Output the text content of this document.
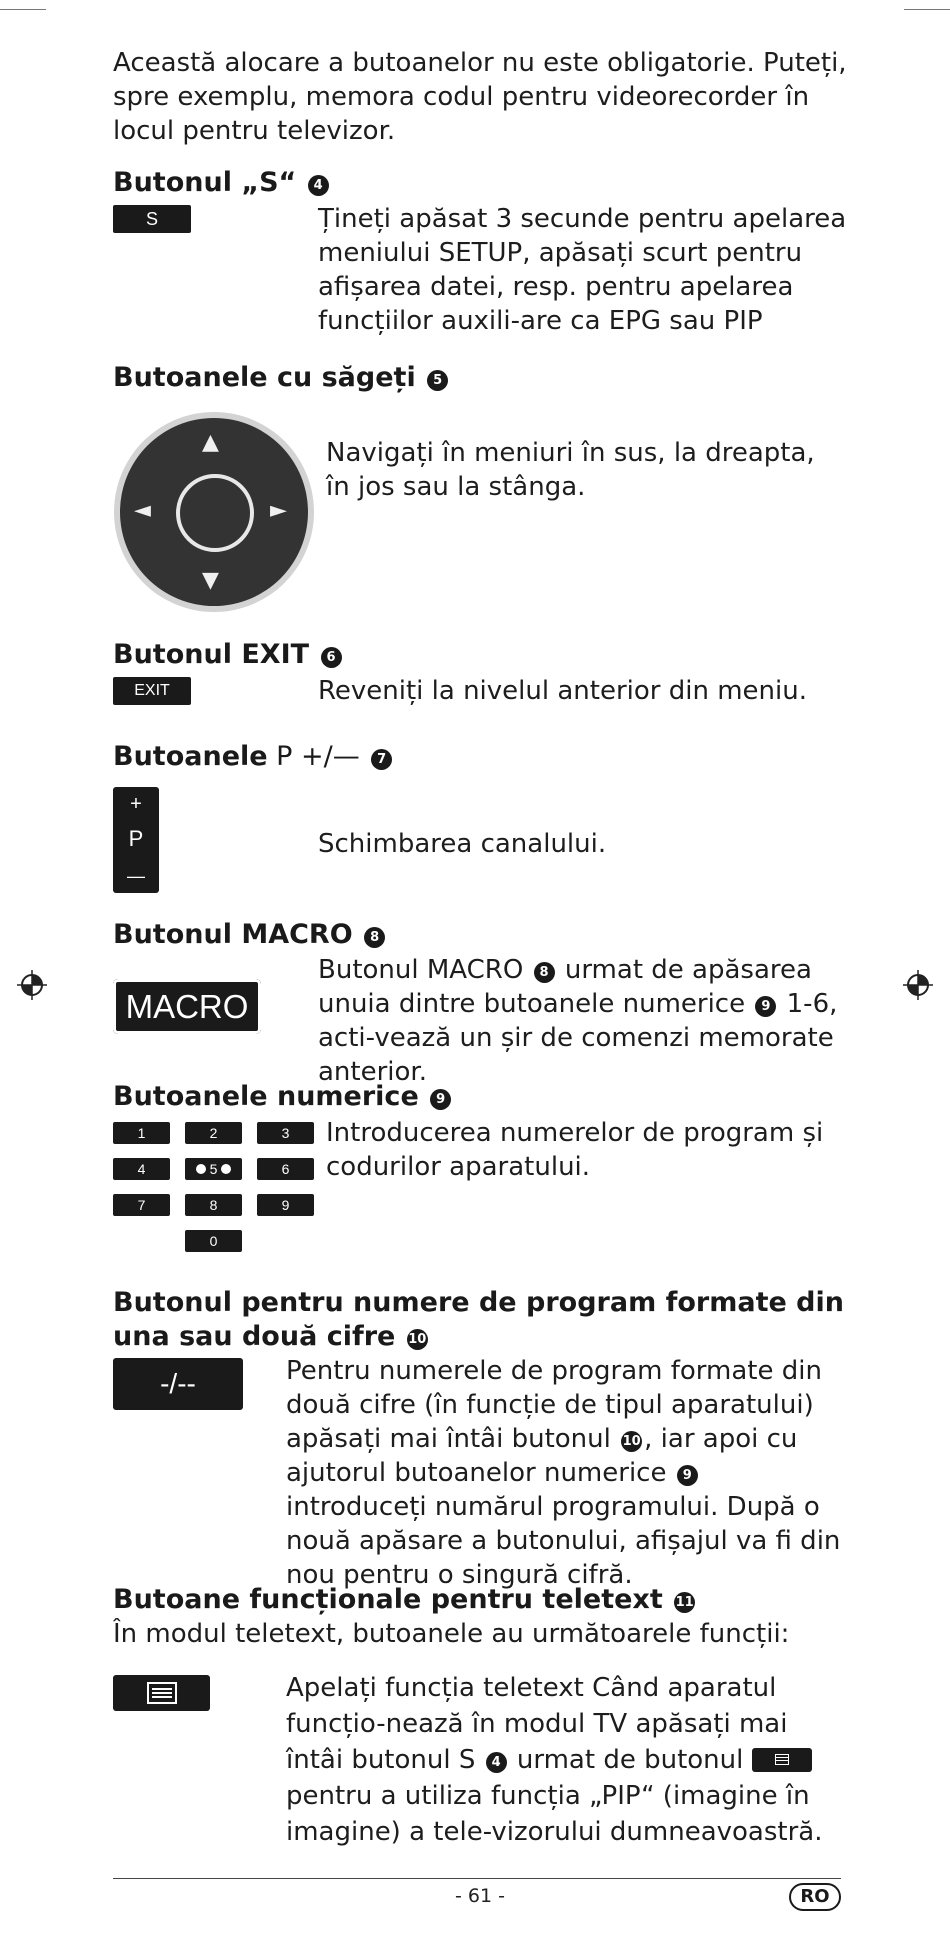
Această alocare a butoanelor nu este obligatorie. Puteți, spre exemplu, memora codul pentru videorecorder în locul pentru televizor.
Butonul „S“ 4
S	Țineți apăsat 3 secunde pentru apelarea meniului SETUP, apăsați scurt pentru afișarea datei, resp. pentru apelarea funcțiilor auxili-are ca EPG sau PIP
Butoanele cu săgeți 5
▲
▼
◄	►
Navigați în meniuri în sus, la dreapta, în jos sau la stânga.
Butonul EXIT 6
EXIT	Reveniți la nivelul anterior din meniu.
Butoanele P +/— 7
+
P
—
Schimbarea canalului.
Butonul MACRO 8
MACRO
Butonul MACRO 8 urmat de apăsarea unuia dintre butoanele numerice 9 1-6, acti-vează un șir de comenzi memorate anterior.
Butoanele numerice 9
1	2	3
4	5	6
7	8	9
0
Introducerea numerelor de program și codurilor aparatului.
Butonul pentru numere de program formate din una sau două cifre 10
-/--	Pentru numerele de program formate din două cifre (în funcție de tipul aparatului) apăsați mai întâi butonul 10 , iar apoi cu ajutorul butoanelor numerice 9 introduceți numărul programului. După o nouă apăsare a butonului, afișajul va fi din nou pentru o singură cifră.
Butoane funcționale pentru teletext 11
În modul teletext, butoanele au următoarele funcții:
Apelați funcția teletext Când aparatul funcțio-nează în modul TV apăsați mai întâi butonul S 4 urmat de butonul  pentru a utiliza funcția „PIP“ (imagine în imagine) a tele-vizorului dumneavoastră.
- 61 -	RO
